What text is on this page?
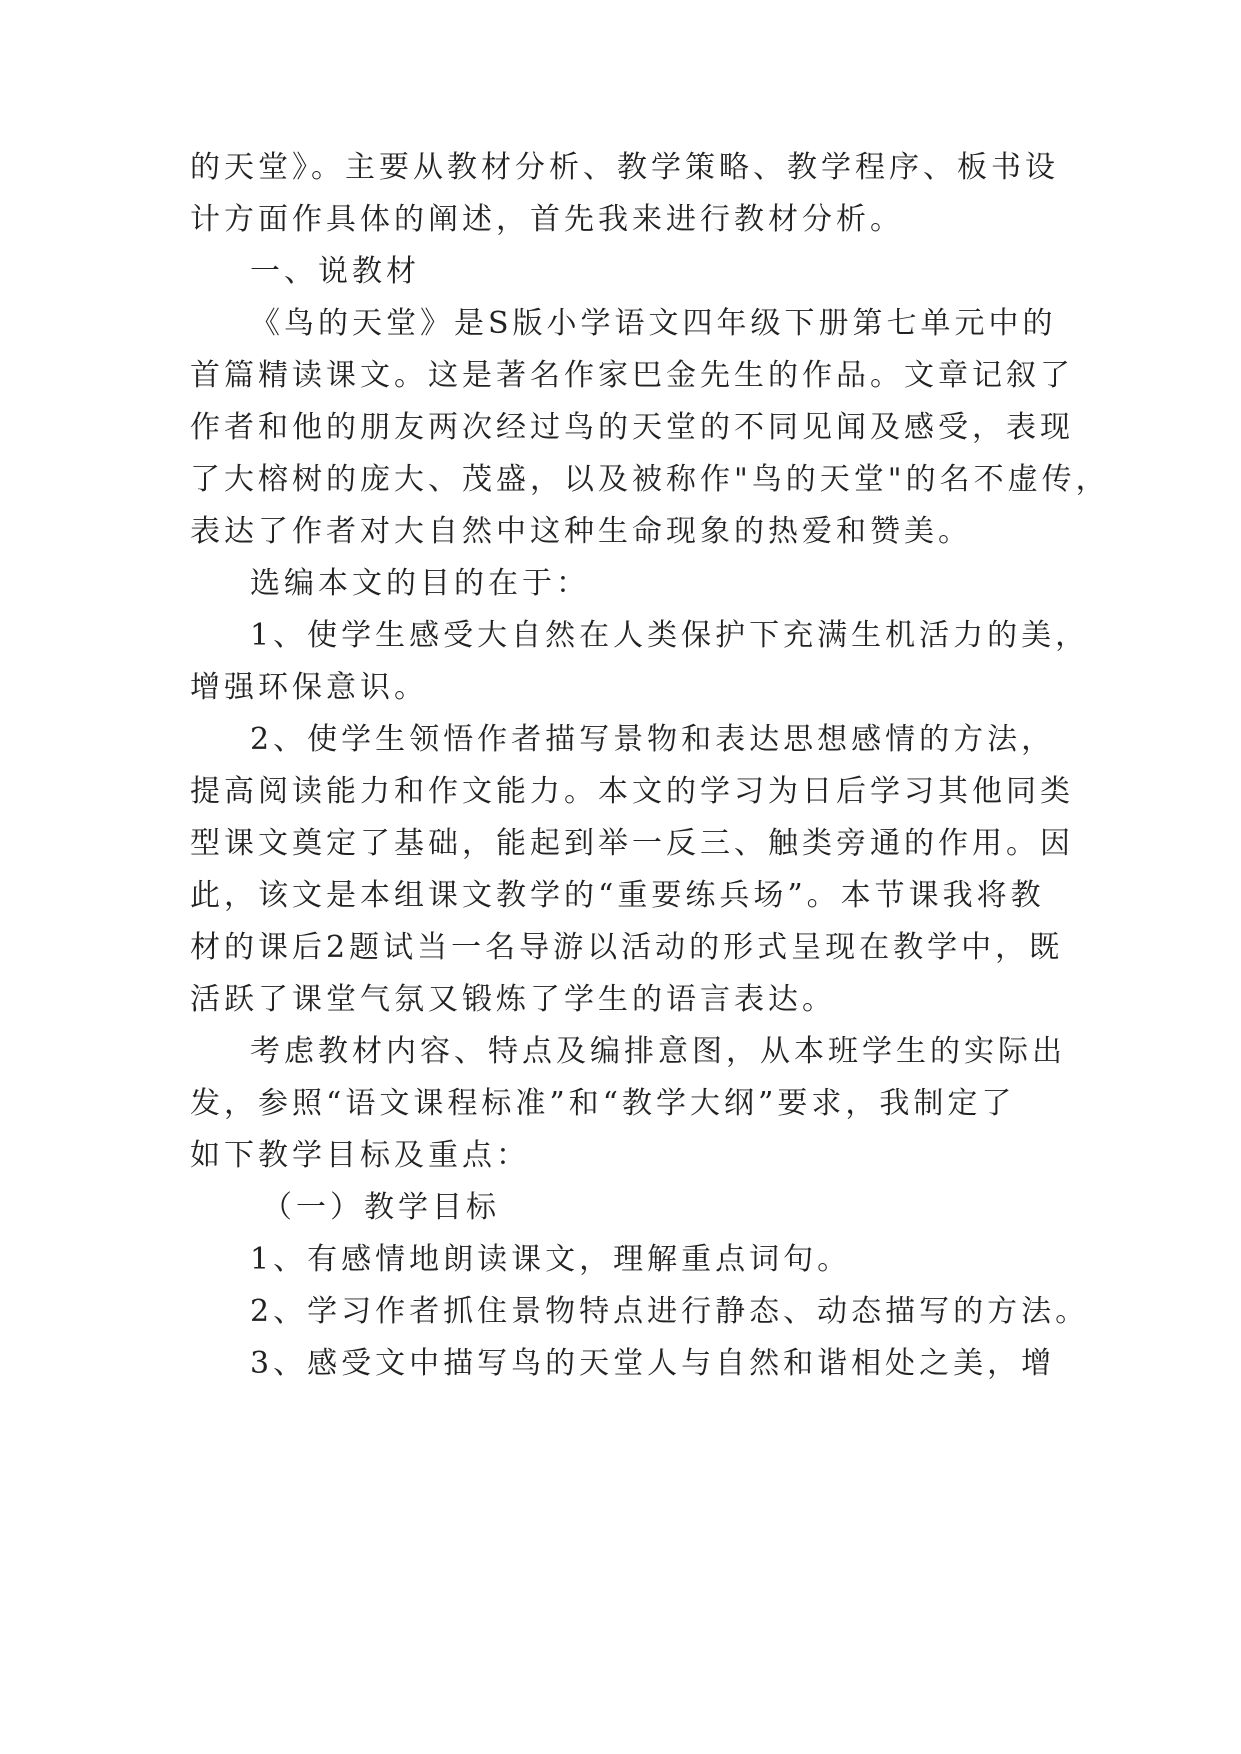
的天堂》。主要从教材分析、教学策略、教学程序、板书设
计方面作具体的阐述，首先我来进行教材分析。
一、说教材
《鸟的天堂》是S版小学语文四年级下册第七单元中的
首篇精读课文。这是著名作家巴金先生的作品。文章记叙了
作者和他的朋友两次经过鸟的天堂的不同见闻及感受，表现
了大榕树的庞大、茂盛，以及被称作"鸟的天堂"的名不虚传，
表达了作者对大自然中这种生命现象的热爱和赞美。
选编本文的目的在于：
1、使学生感受大自然在人类保护下充满生机活力的美，
增强环保意识。
2、使学生领悟作者描写景物和表达思想感情的方法，
提高阅读能力和作文能力。本文的学习为日后学习其他同类
型课文奠定了基础，能起到举一反三、触类旁通的作用。因
此，该文是本组课文教学的“重要练兵场”。本节课我将教
材的课后2题试当一名导游以活动的形式呈现在教学中，既
活跃了课堂气氛又锻炼了学生的语言表达。
考虑教材内容、特点及编排意图，从本班学生的实际出
发，参照“语文课程标准”和“教学大纲”要求，我制定了
如下教学目标及重点：
（一）教学目标
1、有感情地朗读课文，理解重点词句。
2、学习作者抓住景物特点进行静态、动态描写的方法。
3、感受文中描写鸟的天堂人与自然和谐相处之美，增
